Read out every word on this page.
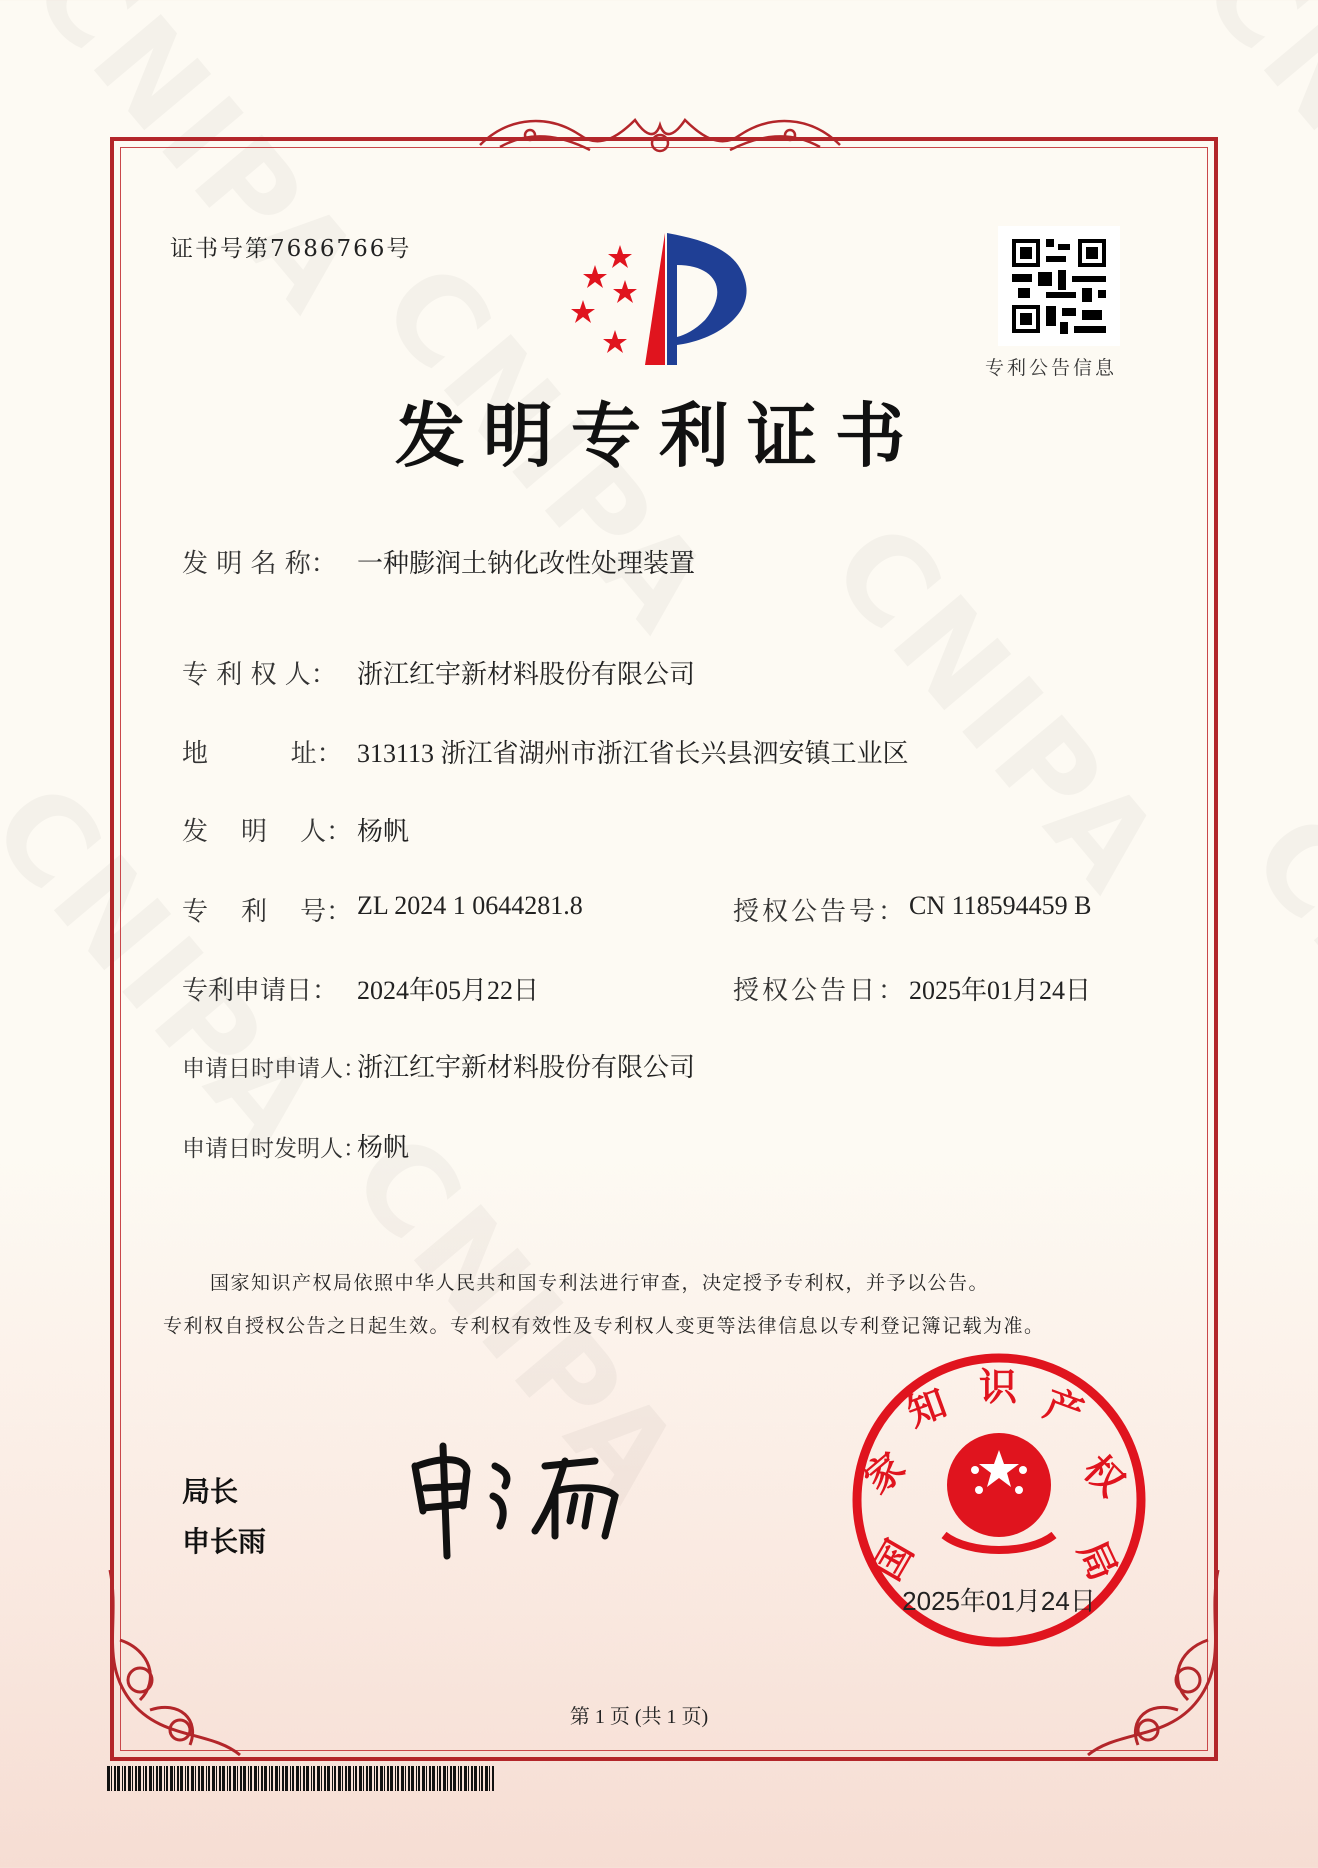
证书号第7686766号
专利公告信息
发明专利证书
发 明 名 称： 一种膨润土钠化改性处理装置
专 利 权 人： 浙江红宇新材料股份有限公司
地          址： 313113 浙江省湖州市浙江省长兴县泗安镇工业区
发    明    人： 杨帆
专    利    号： ZL 2024 1 0644281.8
专利申请日： 2024年05月22日
申请日时申请人：
浙江红宇新材料股份有限公司
申请日时发明人：
杨帆
授权公告号： CN 118594459 B
授权公告日： 2025年01月24日
国家知识产权局依照中华人民共和国专利法进行审查，决定授予专利权，并予以公告。
专利权自授权公告之日起生效。专利权有效性及专利权人变更等法律信息以专利登记簿记载为准。
局长
申长雨	国
家
知 识 产
权
局
2025年01月24日
第 1 页 (共 1 页)
